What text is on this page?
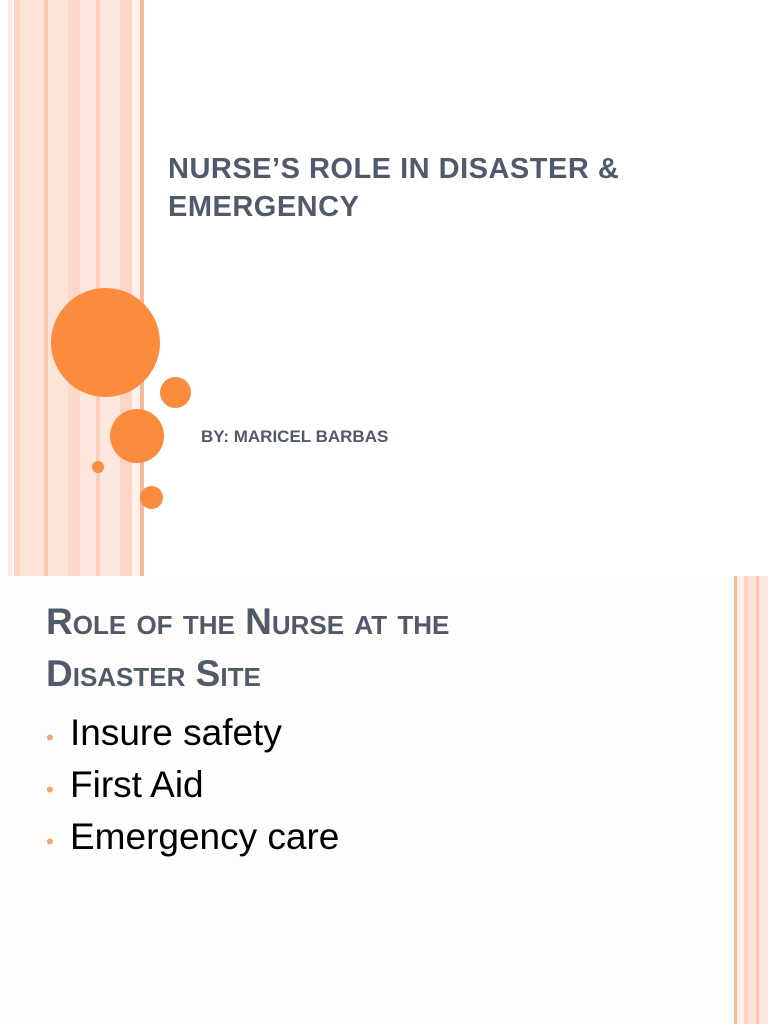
NURSE’S ROLE IN DISASTER &
EMERGENCY

BY: MARICEL BARBAS

Role of the Nurse at the
Disaster Site
• Insure safety
• First Aid
• Emergency care
